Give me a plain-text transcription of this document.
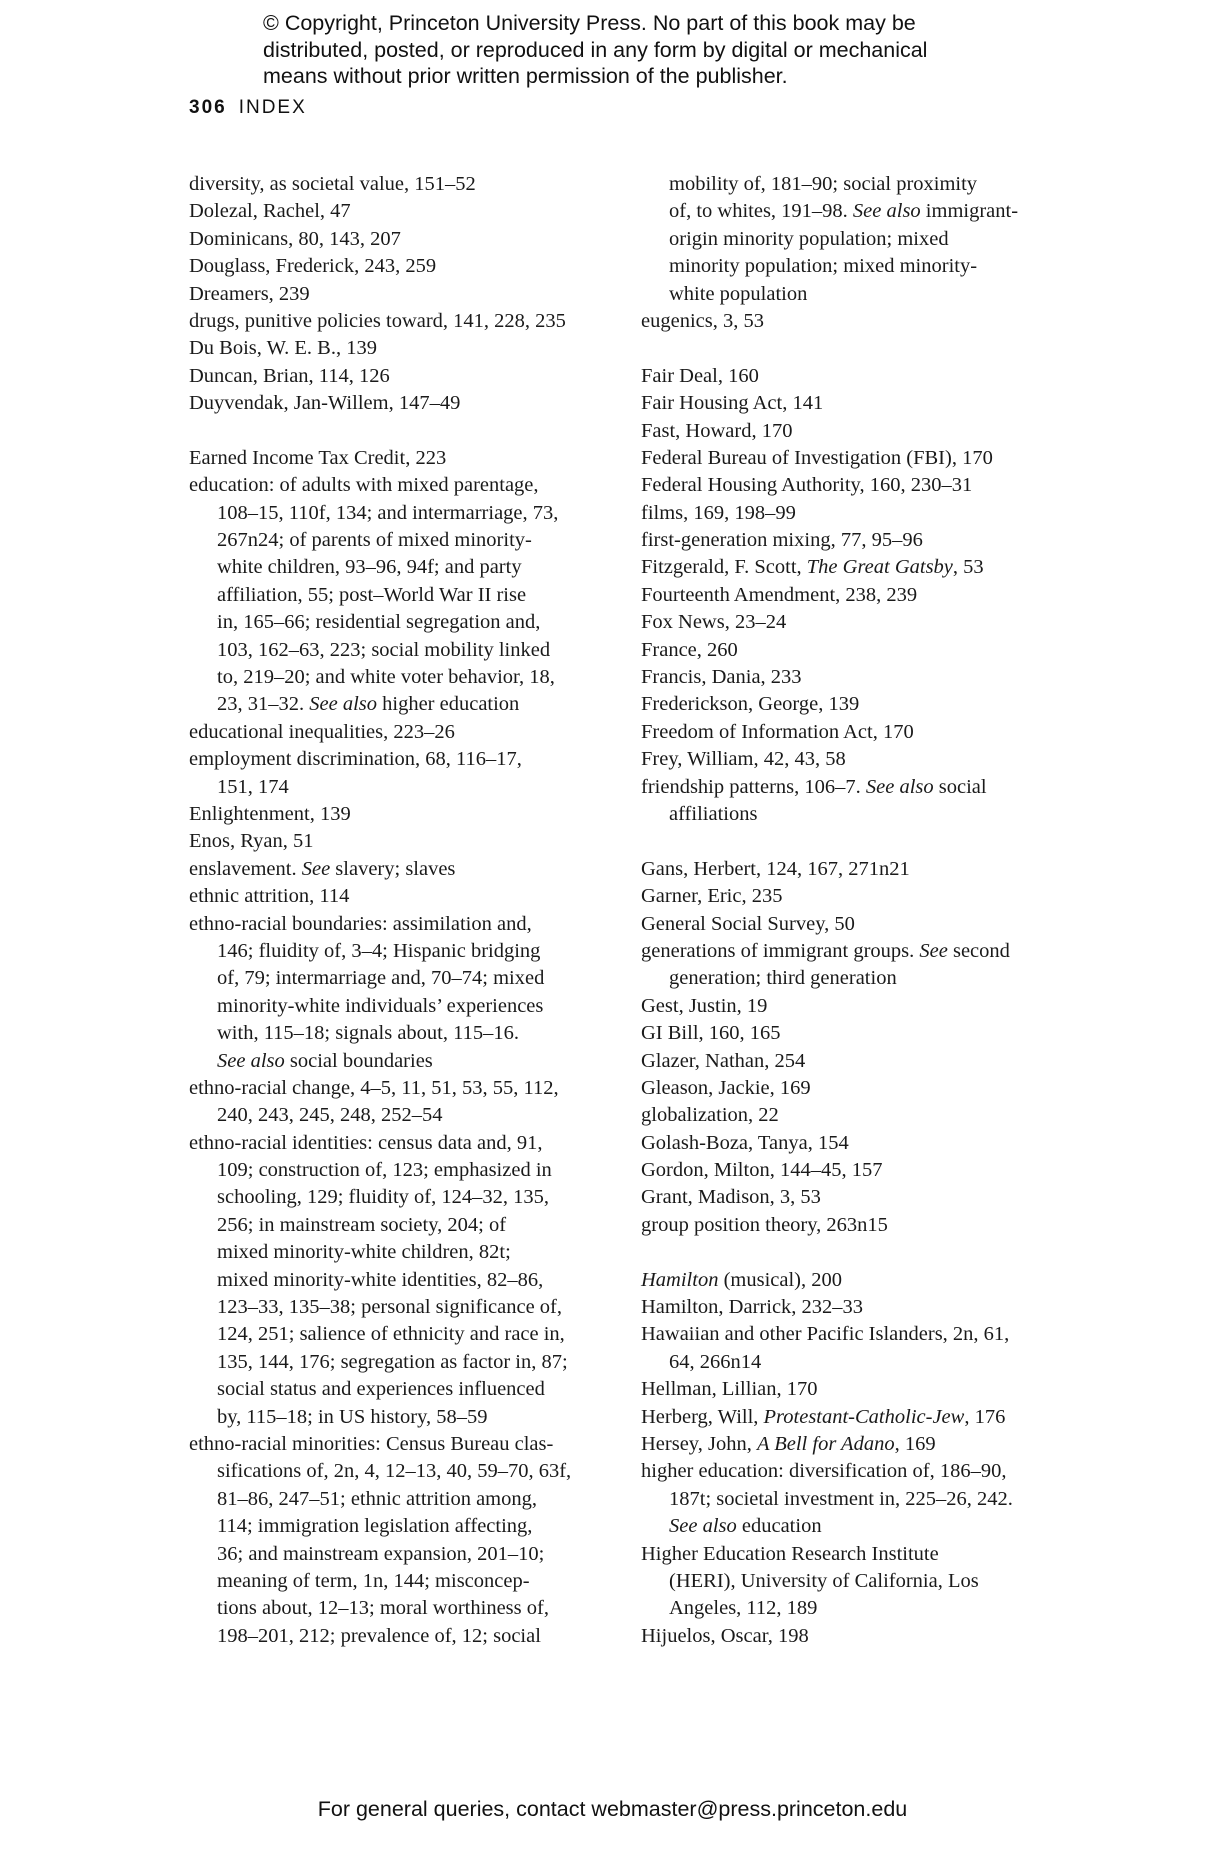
© Copyright, Princeton University Press. No part of this book may be
distributed, posted, or reproduced in any form by digital or mechanical
means without prior written permission of the publisher.
306 INDEX
diversity, as societal value, 151–52
Dolezal, Rachel, 47
Dominicans, 80, 143, 207
Douglass, Frederick, 243, 259
Dreamers, 239
drugs, punitive policies toward, 141, 228, 235
Du Bois, W. E. B., 139
Duncan, Brian, 114, 126
Duyvendak, Jan-Willem, 147–49
Earned Income Tax Credit, 223
education: of adults with mixed parentage,
108–15, 110f, 134; and intermarriage, 73,
267n24; of parents of mixed minority-
white children, 93–96, 94f; and party
affiliation, 55; post–World War II rise
in, 165–66; residential segregation and,
103, 162–63, 223; social mobility linked
to, 219–20; and white voter behavior, 18,
23, 31–32. See also higher education
educational inequalities, 223–26
employment discrimination, 68, 116–17,
151, 174
Enlightenment, 139
Enos, Ryan, 51
enslavement. See slavery; slaves
ethnic attrition, 114
ethno-racial boundaries: assimilation and,
146; fluidity of, 3–4; Hispanic bridging
of, 79; intermarriage and, 70–74; mixed
minority-white individuals’ experiences
with, 115–18; signals about, 115–16.
See also social boundaries
ethno-racial change, 4–5, 11, 51, 53, 55, 112,
240, 243, 245, 248, 252–54
ethno-racial identities: census data and, 91,
109; construction of, 123; emphasized in
schooling, 129; fluidity of, 124–32, 135,
256; in mainstream society, 204; of
mixed minority-white children, 82t;
mixed minority-white identities, 82–86,
123–33, 135–38; personal significance of,
124, 251; salience of ethnicity and race in,
135, 144, 176; segregation as factor in, 87;
social status and experiences influenced
by, 115–18; in US history, 58–59
ethno-racial minorities: Census Bureau clas-
sifications of, 2n, 4, 12–13, 40, 59–70, 63f,
81–86, 247–51; ethnic attrition among,
114; immigration legislation affecting,
36; and mainstream expansion, 201–10;
meaning of term, 1n, 144; misconcep-
tions about, 12–13; moral worthiness of,
198–201, 212; prevalence of, 12; social
mobility of, 181–90; social proximity
of, to whites, 191–98. See also immigrant-
origin minority population; mixed
minority population; mixed minority-
white population
eugenics, 3, 53
Fair Deal, 160
Fair Housing Act, 141
Fast, Howard, 170
Federal Bureau of Investigation (FBI), 170
Federal Housing Authority, 160, 230–31
films, 169, 198–99
first-generation mixing, 77, 95–96
Fitzgerald, F. Scott, The Great Gatsby, 53
Fourteenth Amendment, 238, 239
Fox News, 23–24
France, 260
Francis, Dania, 233
Frederickson, George, 139
Freedom of Information Act, 170
Frey, William, 42, 43, 58
friendship patterns, 106–7. See also social
affiliations
Gans, Herbert, 124, 167, 271n21
Garner, Eric, 235
General Social Survey, 50
generations of immigrant groups. See second
generation; third generation
Gest, Justin, 19
GI Bill, 160, 165
Glazer, Nathan, 254
Gleason, Jackie, 169
globalization, 22
Golash-Boza, Tanya, 154
Gordon, Milton, 144–45, 157
Grant, Madison, 3, 53
group position theory, 263n15
Hamilton (musical), 200
Hamilton, Darrick, 232–33
Hawaiian and other Pacific Islanders, 2n, 61,
64, 266n14
Hellman, Lillian, 170
Herberg, Will, Protestant-Catholic-Jew, 176
Hersey, John, A Bell for Adano, 169
higher education: diversification of, 186–90,
187t; societal investment in, 225–26, 242.
See also education
Higher Education Research Institute
(HERI), University of California, Los
Angeles, 112, 189
Hijuelos, Oscar, 198
For general queries, contact webmaster@press.princeton.edu
